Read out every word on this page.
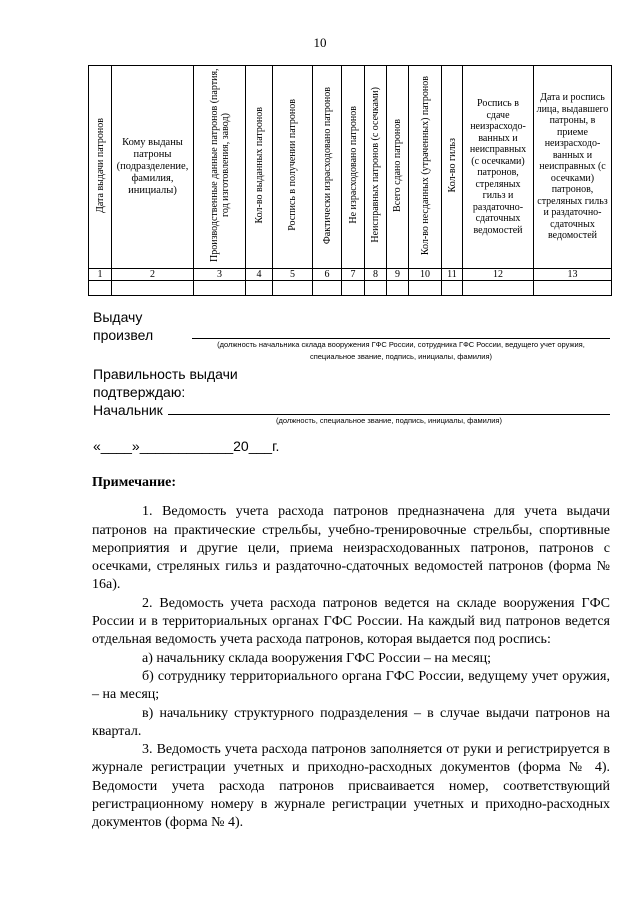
10
Дата выдачи патронов	Кому выданы патроны (подразделение, фамилия, инициалы)	Производственные данные патронов (партия, год изготовления, завод)	Кол-во выданных патронов	Роспись в получении патронов	Фактически израсходовано патронов	Не израсходовано патронов	Неисправных патронов (с осечками)	Всего сдано патронов	Кол-во несданных (утраченных) патронов	Кол-во гильз	Роспись в сдаче неизрасходо-ванных и неисправных (с осечками) патронов, стреляных гильз и раздаточно-сдаточных ведомостей	Дата и роспись лица, выдавшего патроны, в приеме неизрасходо-ванных и неисправных (с осечками) патронов, стреляных гильз и раздаточно-сдаточных ведомостей

1	2	3	4	5	6	7	8	9	10	11	12	13

Выдачу
произвел
(должность начальника склада вооружения ГФС России, сотрудника ГФС России, ведущего учет оружия,
специальное звание, подпись, инициалы, фамилия)
Правильность выдачи
подтверждаю:
Начальник
(должность, специальное звание, подпись, инициалы, фамилия)
«____»____________20___г.

Примечание:

1. Ведомость учета расхода патронов предназначена для учета выдачи патронов на практические стрельбы, учебно-тренировочные стрельбы, спортивные мероприятия и другие цели, приема неизрасходованных патронов, патронов с осечками, стреляных гильз и раздаточно-сдаточных ведомостей патронов (форма № 16а).

2. Ведомость учета расхода патронов ведется на складе вооружения ГФС России и в территориальных органах ГФС России. На каждый вид патронов ведется отдельная ведомость учета расхода патронов, которая выдается под роспись:

а) начальнику склада вооружения ГФС России – на месяц;

б) сотруднику территориального органа ГФС России, ведущему учет оружия, – на месяц;

в) начальнику структурного подразделения – в случае выдачи патронов на квартал.

3. Ведомость учета расхода патронов заполняется от руки и регистрируется в журнале регистрации учетных и приходно-расходных документов (форма № 4). Ведомости учета расхода патронов присваивается номер, соответствующий регистрационному номеру в журнале регистрации учетных и приходно-расходных документов (форма № 4).
